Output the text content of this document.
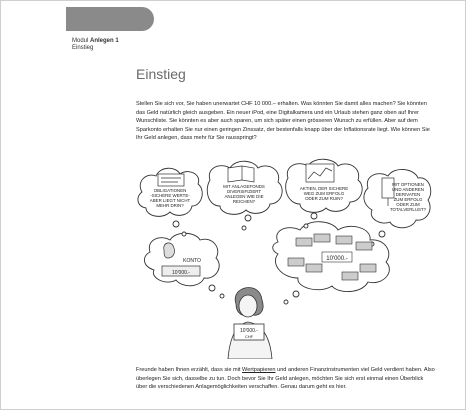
Modul Anlegen 1
Einstieg
Einstieg
Stellen Sie sich vor, Sie haben unerwartet CHF 10 000.– erhalten. Was könnten Sie damit alles machen? Sie könnten das Geld natürlich gleich ausgeben. Ein neuer iPod, eine Digitalkamera und ein Urlaub stehen ganz oben auf Ihrer Wunschliste. Sie könnten es aber auch sparen, um sich später einen grösseren Wunsch zu erfüllen. Aber auf dem Sparkonto erhalten Sie nur einen geringen Zinssatz, der bestenfalls knapp über der Inflationsrate liegt. Wie können Sie Ihr Geld anlegen, dass mehr für Sie rausspringt?
OBLIGATIONEN
-SICHERE WERTE-
ABER LIEGT NICHT
MEHR DRIN?
MIT ANLAGEFONDS
DIVERSIFIZIERT
ANLEGEN WIE DIE
REICHEN?
AKTIEN, DER SICHERE
WEG ZUM ERFOLG
ODER ZUM RUIN?
MIT OPTIONEN
UND ANDEREN
DERIVATEN
ZUM ERFOLG
ODER ZUM
TOTALVERLUST?
KONTO
10'000.-
10'000.-
10'000.-
CHF
Freunde haben Ihnen erzählt, dass sie mit Wertpapieren und anderen Finanzinstrumenten viel Geld verdient haben. Also überlegen Sie sich, dasselbe zu tun. Doch bevor Sie Ihr Geld anlegen, möchten Sie sich erst einmal einen Überblick über die verschiedenen Anlagemöglichkeiten verschaffen. Genau darum geht es hier.
